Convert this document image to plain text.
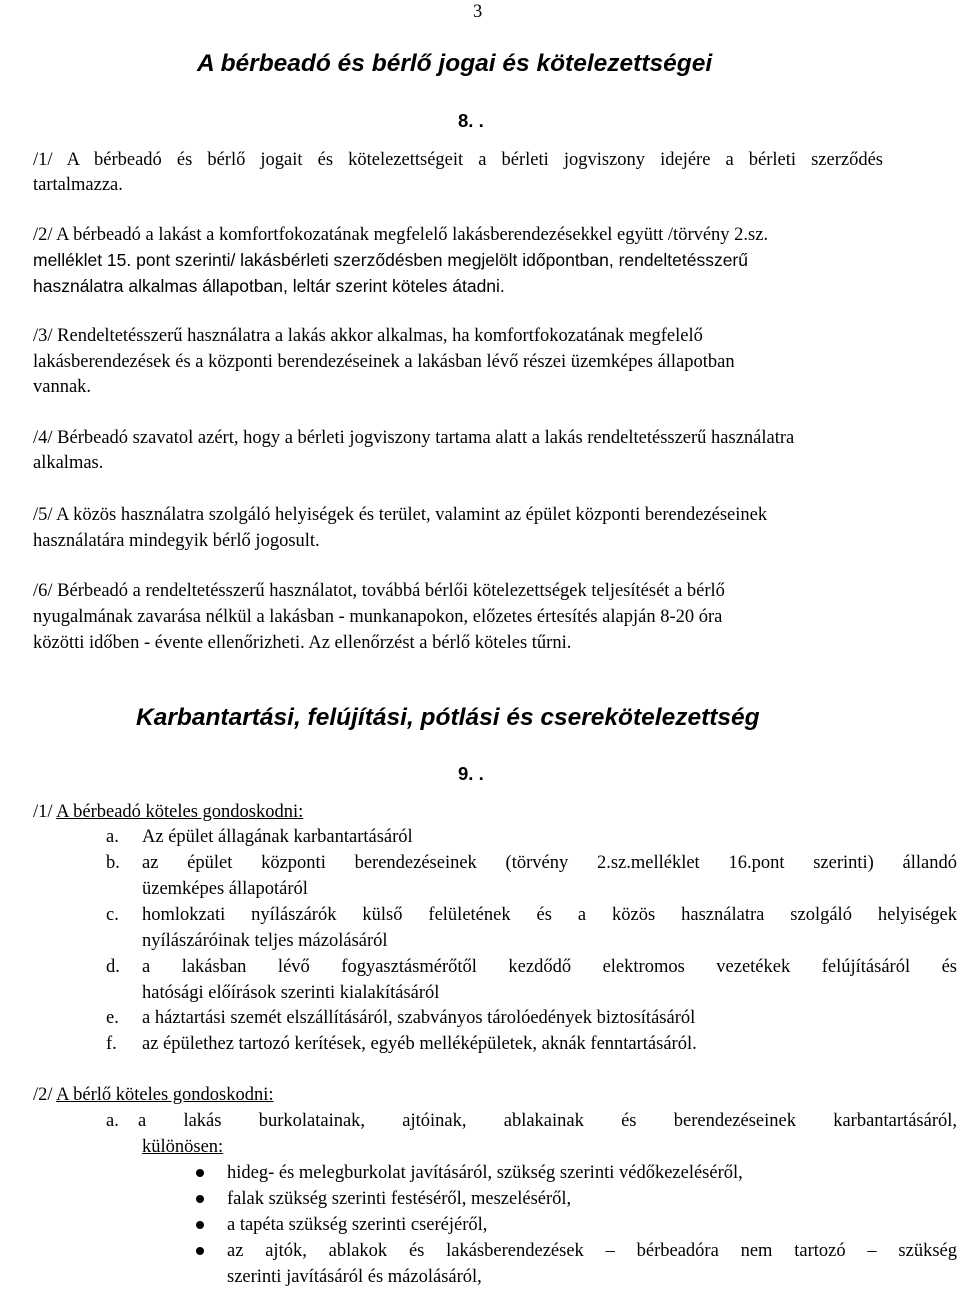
3
A bérbeadó és bérlő jogai és kötelezettségei
8. .
/1/ A bérbeadó és bérlő jogait és kötelezettségeit a bérleti jogviszony idejére a bérleti szerződés
tartalmazza.
/2/ A bérbeadó a lakást a komfortfokozatának megfelelő lakásberendezésekkel együtt /törvény 2.sz.
melléklet 15. pont szerinti/ lakásbérleti szerződésben megjelölt időpontban, rendeltetésszerű
használatra alkalmas állapotban, leltár szerint köteles átadni.
/3/ Rendeltetésszerű használatra a lakás akkor alkalmas, ha komfortfokozatának megfelelő
lakásberendezések és a központi berendezéseinek a lakásban lévő részei üzemképes állapotban
vannak.
/4/ Bérbeadó szavatol azért, hogy a bérleti jogviszony tartama alatt a lakás rendeltetésszerű használatra
alkalmas.
/5/ A közös használatra szolgáló helyiségek és terület, valamint az épület központi berendezéseinek
használatára mindegyik bérlő jogosult.
/6/ Bérbeadó a rendeltetésszerű használatot, továbbá bérlői kötelezettségek teljesítését a bérlő
nyugalmának zavarása nélkül a lakásban - munkanapokon, előzetes értesítés alapján 8-20 óra
közötti időben - évente ellenőrizheti. Az ellenőrzést a bérlő köteles tűrni.
Karbantartási, felújítási, pótlási és cserekötelezettség
9. .
/1/ A bérbeadó köteles gondoskodni:
a. Az épület állagának karbantartásáról
b. az épület központi berendezéseinek (törvény 2.sz.melléklet 16.pont szerinti) állandó
üzemképes állapotáról
c. homlokzati nyílászárók külső felületének és a közös használatra szolgáló helyiségek
nyílászáróinak teljes mázolásáról
d. a lakásban lévő fogyasztásmérőtől kezdődő elektromos vezetékek felújításáról és
hatósági előírások szerinti kialakításáról
e. a háztartási szemét elszállításáról, szabványos tárolóedények biztosításáról
f. az épülethez tartozó kerítések, egyéb melléképületek, aknák fenntartásáról.
/2/ A bérlő köteles gondoskodni:
a. a lakás burkolatainak, ajtóinak, ablakainak és berendezéseinek karbantartásáról,
különösen:
hideg- és melegburkolat javításáról, szükség szerinti védőkezeléséről,
falak szükség szerinti festéséről, meszeléséről,
a tapéta szükség szerinti cseréjéről,
az ajtók, ablakok és lakásberendezések – bérbeadóra nem tartozó – szükség
szerinti javításáról és mázolásáról,
